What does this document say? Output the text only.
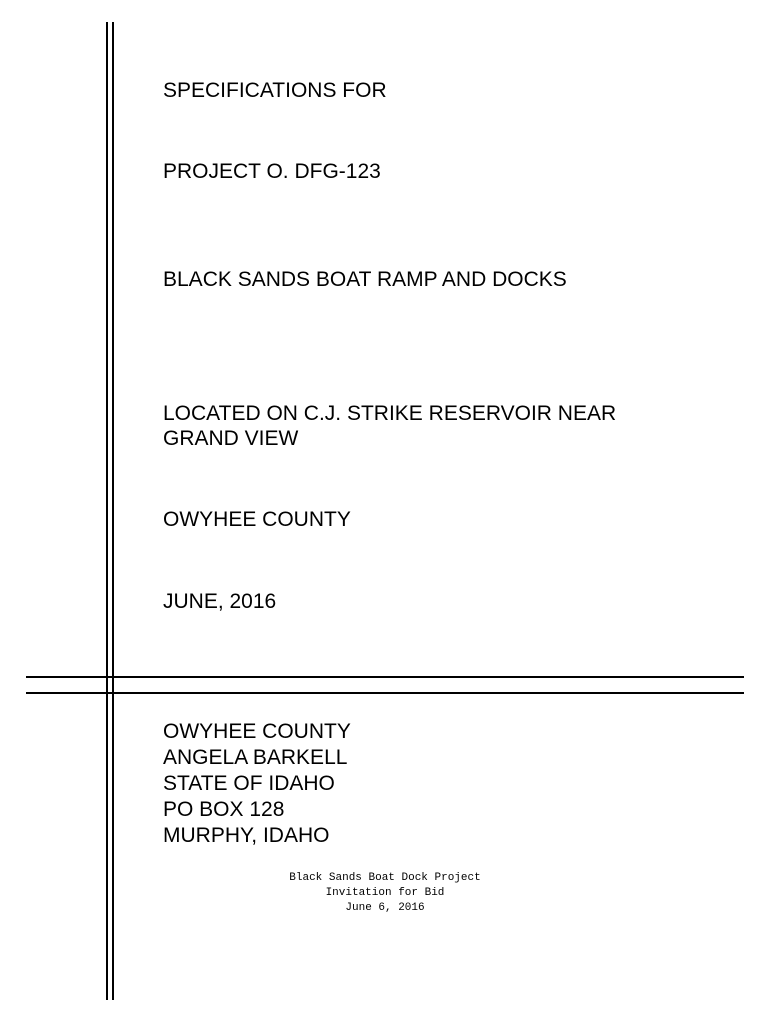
SPECIFICATIONS FOR
PROJECT O. DFG-123
BLACK SANDS BOAT RAMP AND DOCKS
LOCATED ON C.J. STRIKE RESERVOIR NEAR
GRAND VIEW
OWYHEE COUNTY
JUNE, 2016
OWYHEE COUNTY
ANGELA BARKELL
STATE OF IDAHO
PO BOX 128
MURPHY, IDAHO
Black Sands Boat Dock Project
Invitation for Bid
June 6, 2016
